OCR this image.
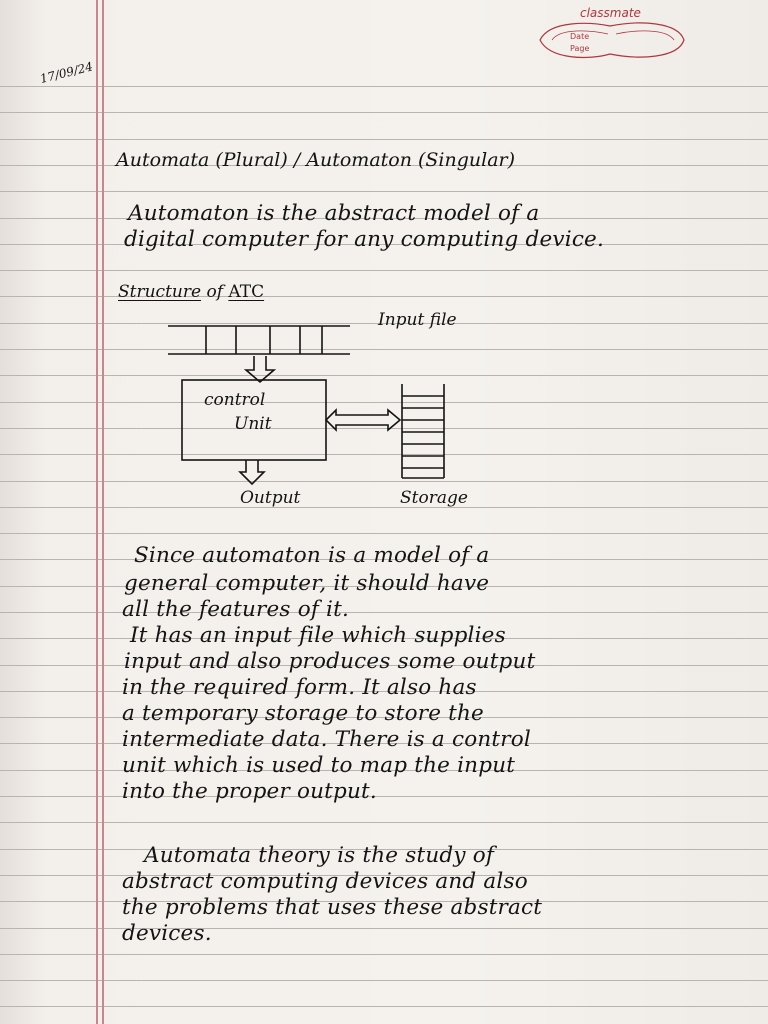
classmate
Date
Page
17/09/24
Automata (Plural) / Automaton (Singular)
Automaton is the abstract model of a
digital computer for any computing device.
Structure of ATC
Input file
control
Unit
Output	Storage
Since automaton is a model of a
general computer, it should have
all the features of it.
It has an input file which supplies
input and also produces some output
in the required form. It also has
a temporary storage to store the
intermediate data. There is a control
unit which is used to map the input
into the proper output.
Automata theory is the study of
abstract computing devices and also
the problems that uses these abstract
devices.
